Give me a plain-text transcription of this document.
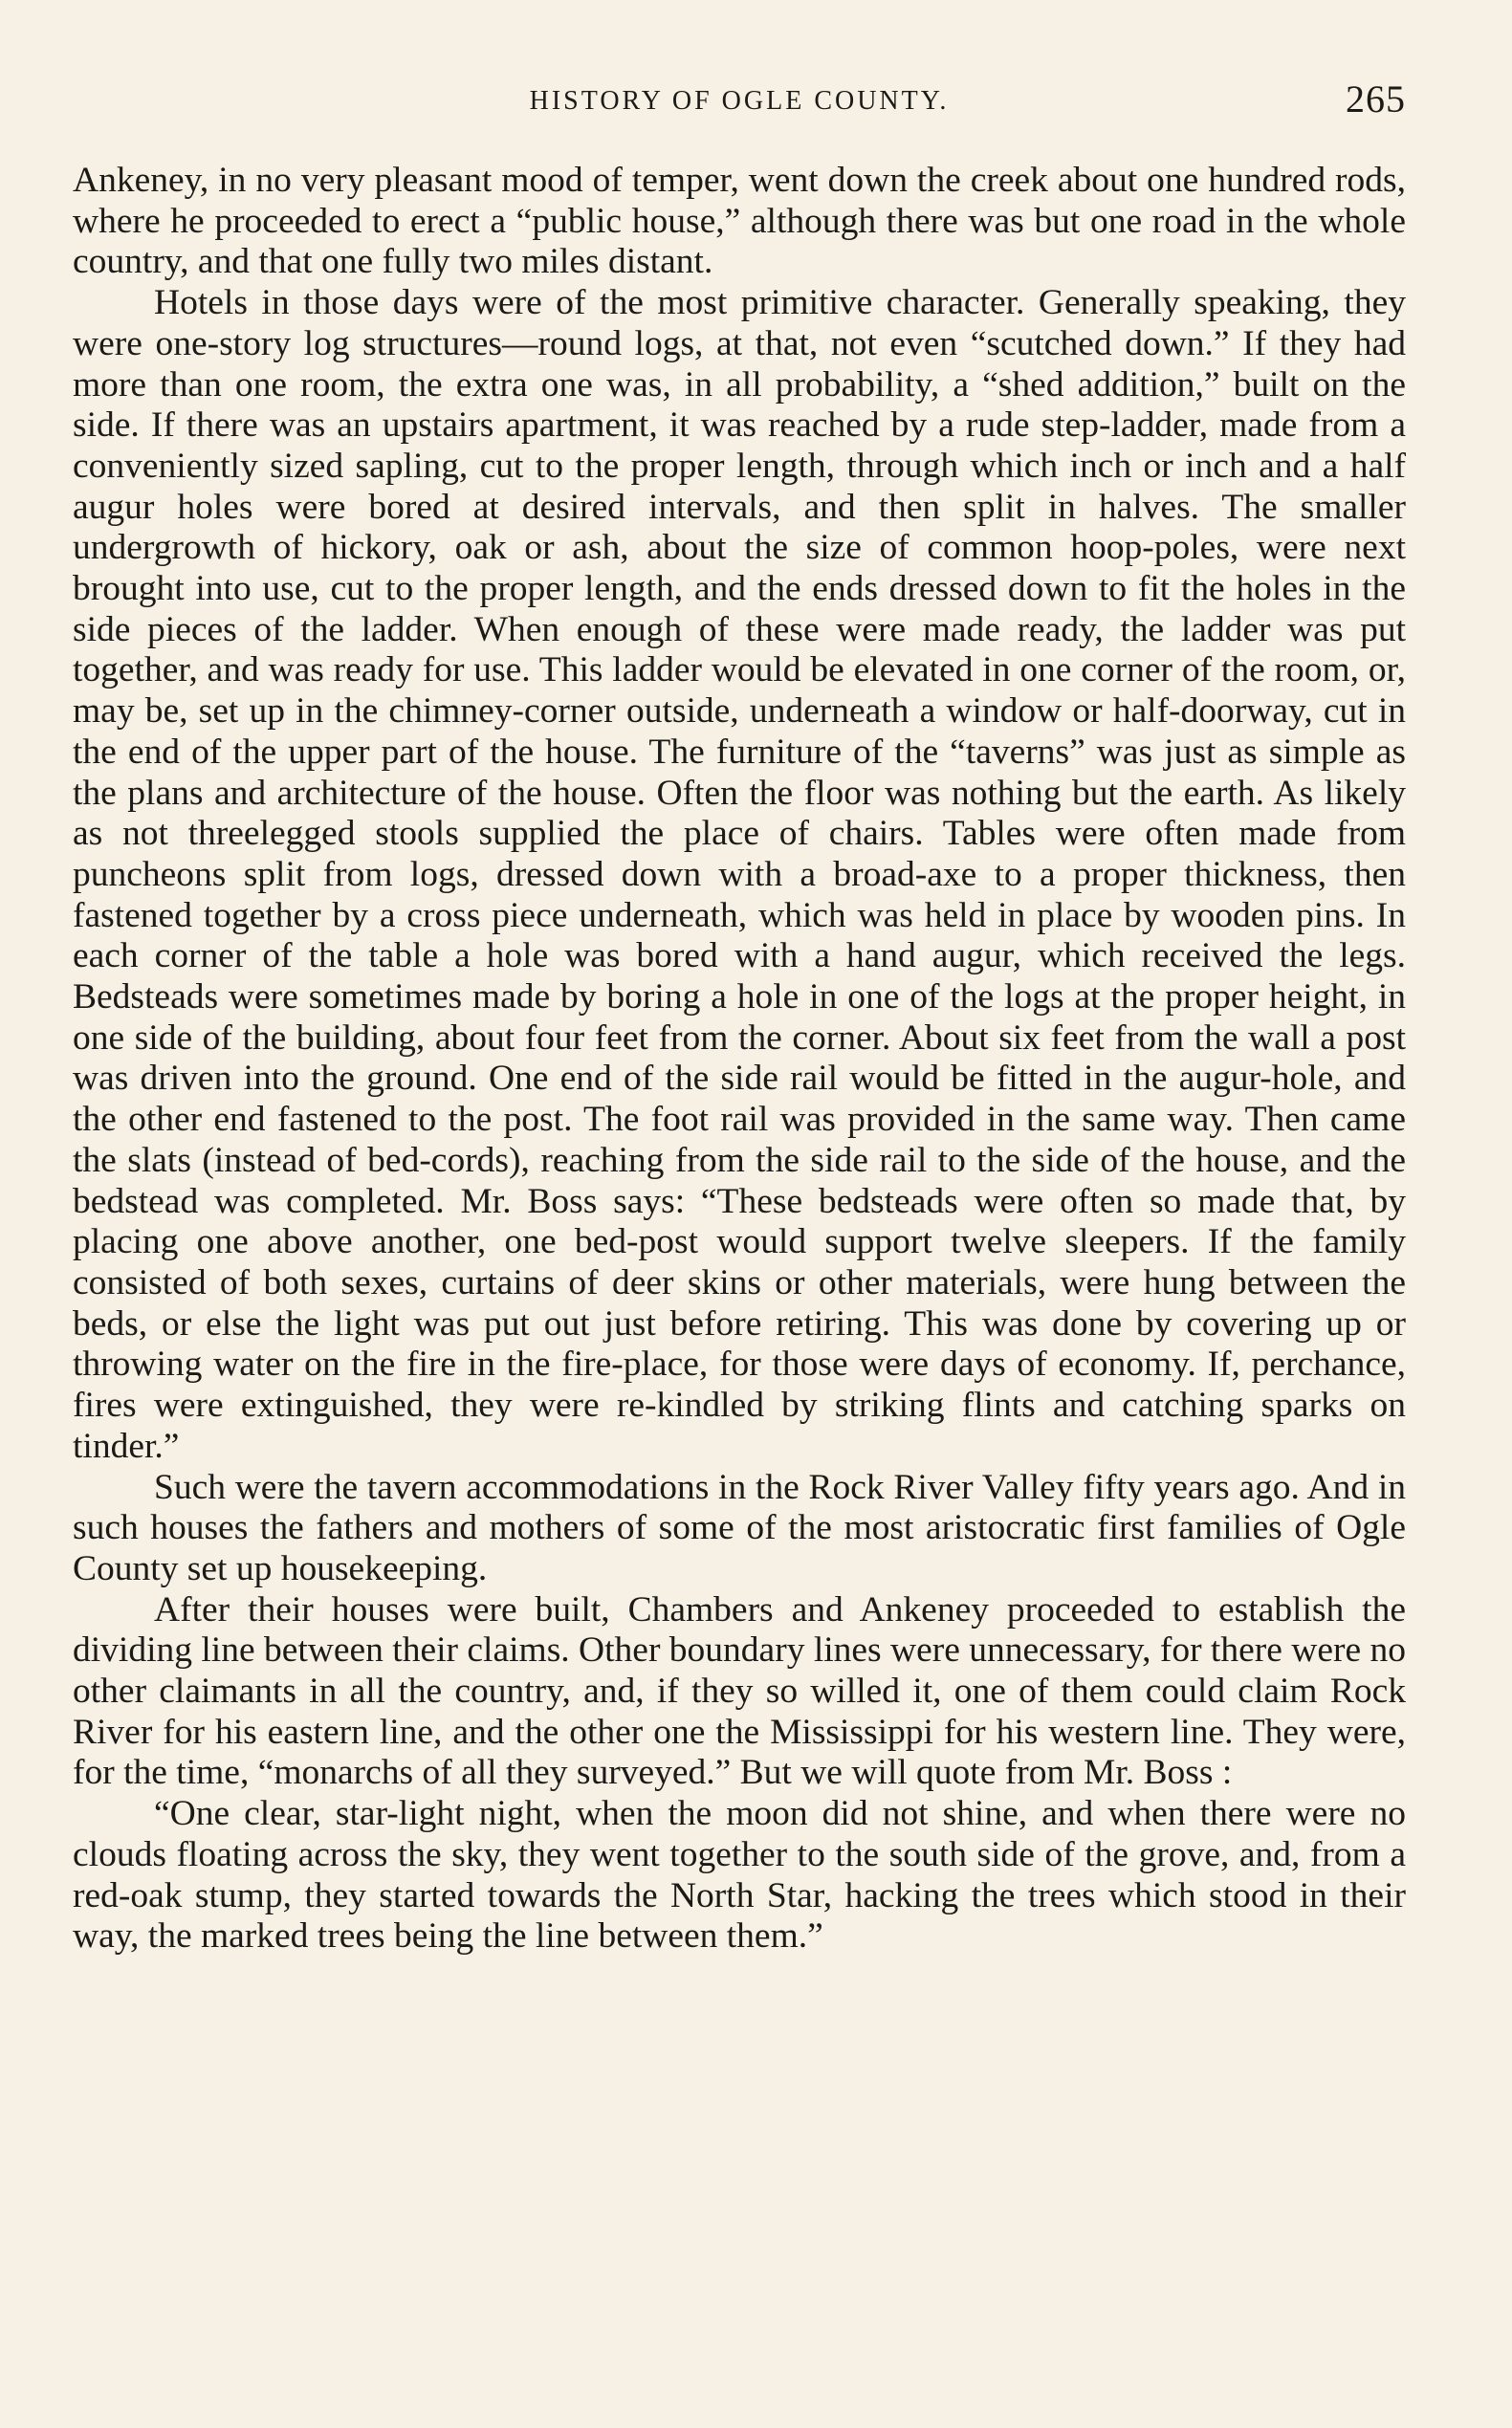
HISTORY OF OGLE COUNTY.	265

Ankeney, in no very pleasant mood of temper, went down the creek about one hundred rods, where he proceeded to erect a “public house,” although there was but one road in the whole country, and that one fully two miles distant.

Hotels in those days were of the most primitive character. Generally speaking, they were one-story log structures—round logs, at that, not even “scutched down.” If they had more than one room, the extra one was, in all probability, a “shed addition,” built on the side. If there was an upstairs apartment, it was reached by a rude step-ladder, made from a conveniently sized sapling, cut to the proper length, through which inch or inch and a half augur holes were bored at desired intervals, and then split in halves. The smaller undergrowth of hickory, oak or ash, about the size of common hoop-poles, were next brought into use, cut to the proper length, and the ends dressed down to fit the holes in the side pieces of the ladder. When enough of these were made ready, the ladder was put together, and was ready for use. This ladder would be elevated in one corner of the room, or, may be, set up in the chimney-corner outside, underneath a window or half-doorway, cut in the end of the upper part of the house. The furniture of the “taverns” was just as simple as the plans and architecture of the house. Often the floor was nothing but the earth. As likely as not threelegged stools supplied the place of chairs. Tables were often made from puncheons split from logs, dressed down with a broad-axe to a proper thickness, then fastened together by a cross piece underneath, which was held in place by wooden pins. In each corner of the table a hole was bored with a hand augur, which received the legs. Bedsteads were sometimes made by boring a hole in one of the logs at the proper height, in one side of the building, about four feet from the corner. About six feet from the wall a post was driven into the ground. One end of the side rail would be fitted in the augur-hole, and the other end fastened to the post. The foot rail was provided in the same way. Then came the slats (instead of bed-cords), reaching from the side rail to the side of the house, and the bedstead was completed. Mr. Boss says: “These bedsteads were often so made that, by placing one above another, one bed-post would support twelve sleepers. If the family consisted of both sexes, curtains of deer skins or other materials, were hung between the beds, or else the light was put out just before retiring. This was done by covering up or throwing water on the fire in the fire-place, for those were days of economy. If, perchance, fires were extinguished, they were re-kindled by striking flints and catching sparks on tinder.”

Such were the tavern accommodations in the Rock River Valley fifty years ago. And in such houses the fathers and mothers of some of the most aristocratic first families of Ogle County set up housekeeping.

After their houses were built, Chambers and Ankeney proceeded to establish the dividing line between their claims. Other boundary lines were unnecessary, for there were no other claimants in all the country, and, if they so willed it, one of them could claim Rock River for his eastern line, and the other one the Mississippi for his western line. They were, for the time, “monarchs of all they surveyed.” But we will quote from Mr. Boss :

“One clear, star-light night, when the moon did not shine, and when there were no clouds floating across the sky, they went together to the south side of the grove, and, from a red-oak stump, they started towards the North Star, hacking the trees which stood in their way, the marked trees being the line between them.”
